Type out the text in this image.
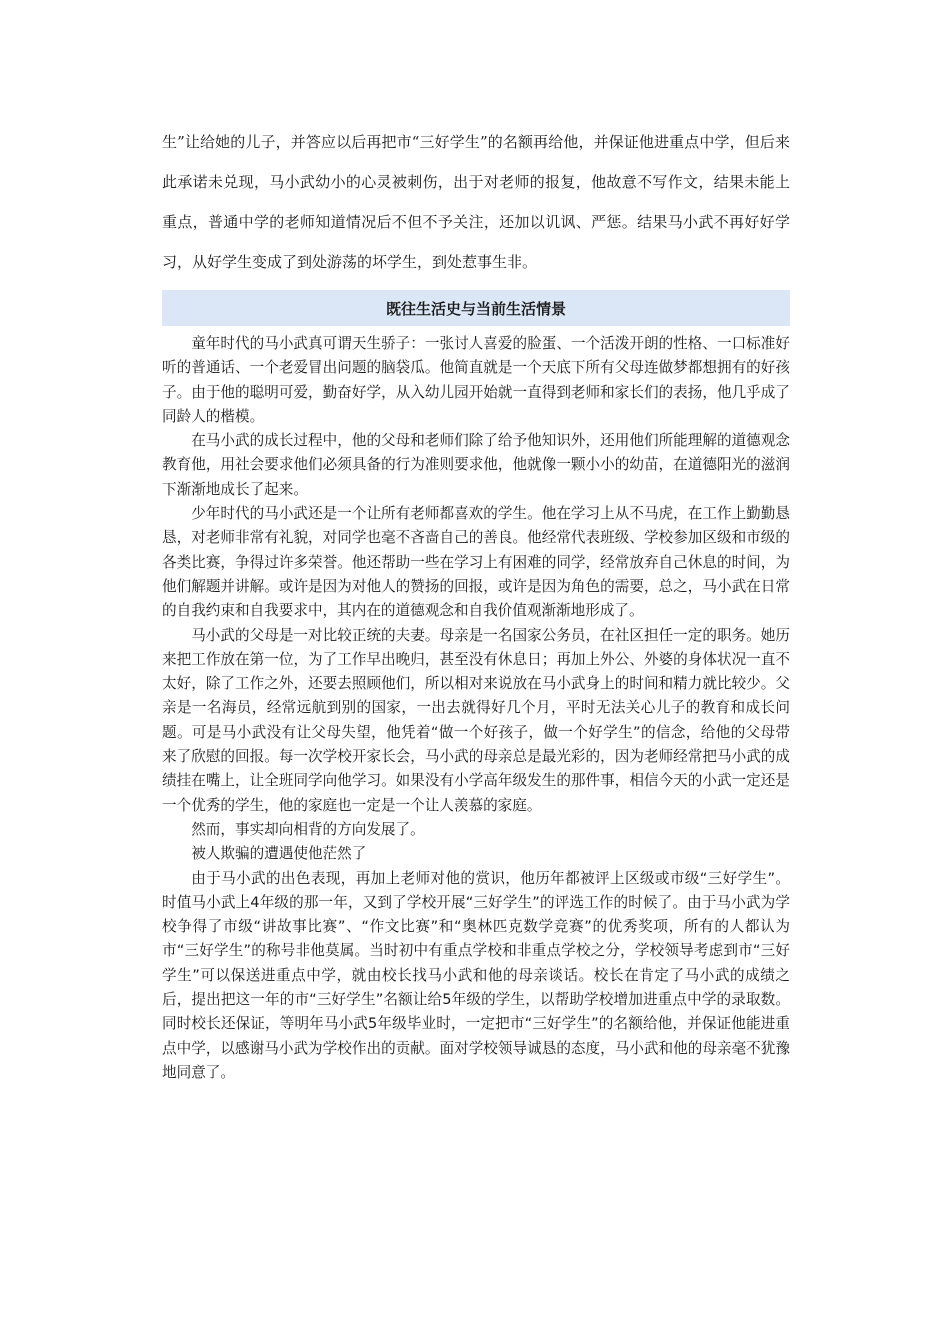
生”让给她的儿子，并答应以后再把市“三好学生”的名额再给他，并保证他进重点中学，但后来此承诺未兑现，马小武幼小的心灵被刺伤，出于对老师的报复，他故意不写作文，结果未能上重点，普通中学的老师知道情况后不但不予关注，还加以讥讽、严惩。结果马小武不再好好学习，从好学生变成了到处游荡的坏学生，到处惹事生非。

既往生活史与当前生活情景

童年时代的马小武真可谓天生骄子：一张讨人喜爱的脸蛋、一个活泼开朗的性格、一口标准好听的普通话、一个老爱冒出问题的脑袋瓜。他简直就是一个天底下所有父母连做梦都想拥有的好孩子。由于他的聪明可爱，勤奋好学，从入幼儿园开始就一直得到老师和家长们的表扬，他几乎成了同龄人的楷模。

在马小武的成长过程中，他的父母和老师们除了给予他知识外，还用他们所能理解的道德观念教育他，用社会要求他们必须具备的行为准则要求他，他就像一颗小小的幼苗，在道德阳光的滋润下渐渐地成长了起来。

少年时代的马小武还是一个让所有老师都喜欢的学生。他在学习上从不马虎，在工作上勤勤恳恳，对老师非常有礼貌，对同学也毫不吝啬自己的善良。他经常代表班级、学校参加区级和市级的各类比赛，争得过许多荣誉。他还帮助一些在学习上有困难的同学，经常放弃自己休息的时间，为他们解题并讲解。或许是因为对他人的赞扬的回报，或许是因为角色的需要，总之，马小武在日常的自我约束和自我要求中，其内在的道德观念和自我价值观渐渐地形成了。

马小武的父母是一对比较正统的夫妻。母亲是一名国家公务员，在社区担任一定的职务。她历来把工作放在第一位，为了工作早出晚归，甚至没有休息日；再加上外公、外婆的身体状况一直不太好，除了工作之外，还要去照顾他们，所以相对来说放在马小武身上的时间和精力就比较少。父亲是一名海员，经常远航到别的国家，一出去就得好几个月，平时无法关心儿子的教育和成长问题。可是马小武没有让父母失望，他凭着“做一个好孩子，做一个好学生”的信念，给他的父母带来了欣慰的回报。每一次学校开家长会，马小武的母亲总是最光彩的，因为老师经常把马小武的成绩挂在嘴上，让全班同学向他学习。如果没有小学高年级发生的那件事，相信今天的小武一定还是一个优秀的学生，他的家庭也一定是一个让人羡慕的家庭。

然而，事实却向相背的方向发展了。

被人欺骗的遭遇使他茫然了

由于马小武的出色表现，再加上老师对他的赏识，他历年都被评上区级或市级“三好学生”。时值马小武上4年级的那一年，又到了学校开展“三好学生”的评选工作的时候了。由于马小武为学校争得了市级“讲故事比赛”、“作文比赛”和“奥林匹克数学竞赛”的优秀奖项，所有的人都认为市“三好学生”的称号非他莫属。当时初中有重点学校和非重点学校之分，学校领导考虑到市“三好学生”可以保送进重点中学，就由校长找马小武和他的母亲谈话。校长在肯定了马小武的成绩之后，提出把这一年的市“三好学生”名额让给5年级的学生，以帮助学校增加进重点中学的录取数。同时校长还保证，等明年马小武5年级毕业时，一定把市“三好学生”的名额给他，并保证他能进重点中学，以感谢马小武为学校作出的贡献。面对学校领导诚恳的态度，马小武和他的母亲毫不犹豫地同意了。
